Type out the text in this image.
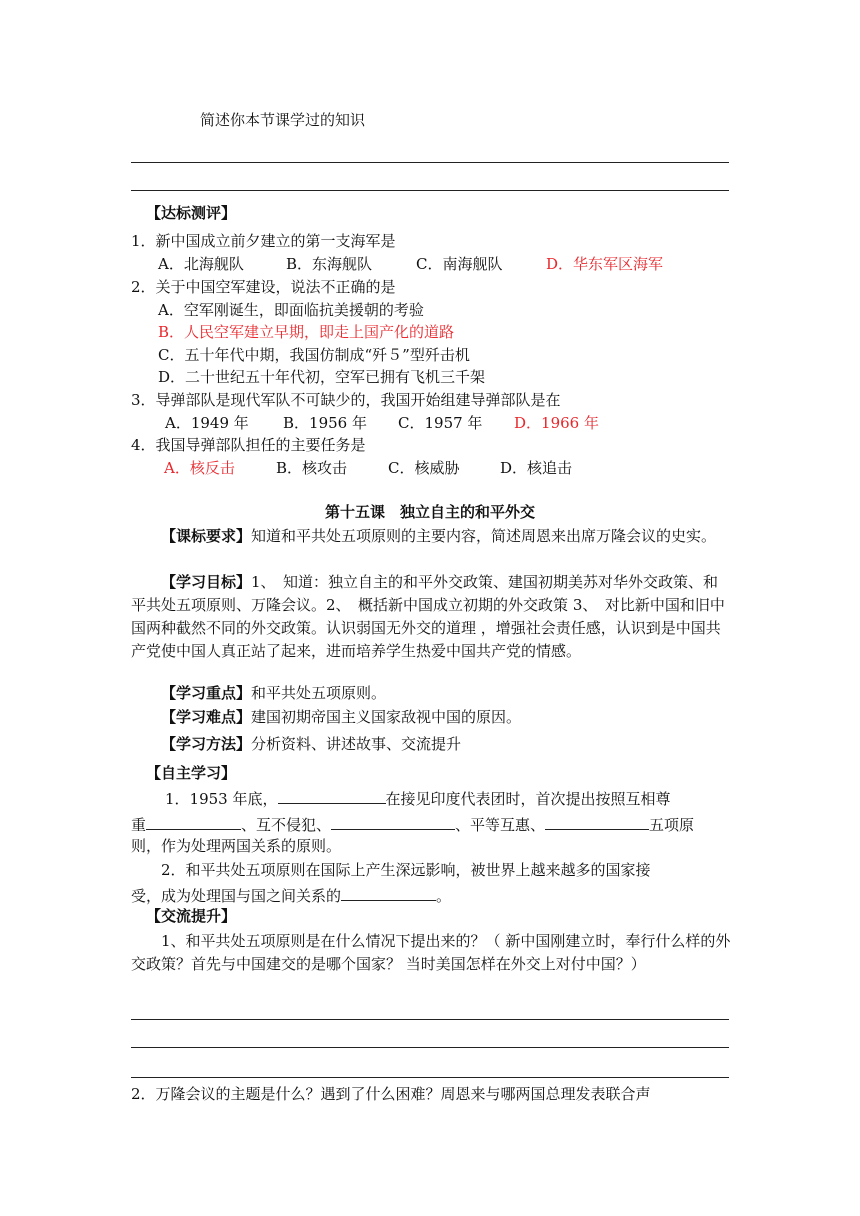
简述你本节课学过的知识
【达标测评】
1．新中国成立前夕建立的第一支海军是
A．北海舰队	B．东海舰队	C．南海舰队	D．华东军区海军
2．关于中国空军建设，说法不正确的是
A．空军刚诞生，即面临抗美援朝的考验
B．人民空军建立早期，即走上国产化的道路
C．五十年代中期，我国仿制成“歼５”型歼击机
D．二十世纪五十年代初，空军已拥有飞机三千架
3．导弹部队是现代军队不可缺少的，我国开始组建导弹部队是在
A．1949 年 B．1956 年 C．1957 年 D．1966 年
4．我国导弹部队担任的主要任务是
A．核反击	B．核攻击	C．核威胁	D．核追击
第十五课　独立自主的和平外交
【课标要求】知道和平共处五项原则的主要内容，简述周恩来出席万隆会议的史实。
【学习目标】1、　知道：独立自主的和平外交政策、建国初期美苏对华外交政策、和平共处五项原则、万隆会议。2、　概括新中国成立初期的外交政策 3、　对比新中国和旧中国两种截然不同的外交政策。认识弱国无外交的道理 ，增强社会责任感，认识到是中国共产党使中国人真正站了起来，进而培养学生热爱中国共产党的情感。
【学习重点】和平共处五项原则。
【学习难点】建国初期帝国主义国家敌视中国的原因。
【学习方法】分析资料、讲述故事、交流提升
【自主学习】
1．1953 年底，	在接见印度代表团时，首次提出按照互相尊
重	、互不侵犯、	、平等互惠、	五项原
则，作为处理两国关系的原则。
2．和平共处五项原则在国际上产生深远影响，被世界上越来越多的国家接
受，成为处理国与国之间关系的	。
【交流提升】
1、和平共处五项原则是在什么情况下提出来的？（ 新中国刚建立时，奉行什么样的外交政策？首先与中国建交的是哪个国家？ 当时美国怎样在外交上对付中国？）
2．万隆会议的主题是什么？遇到了什么困难？周恩来与哪两国总理发表联合声
